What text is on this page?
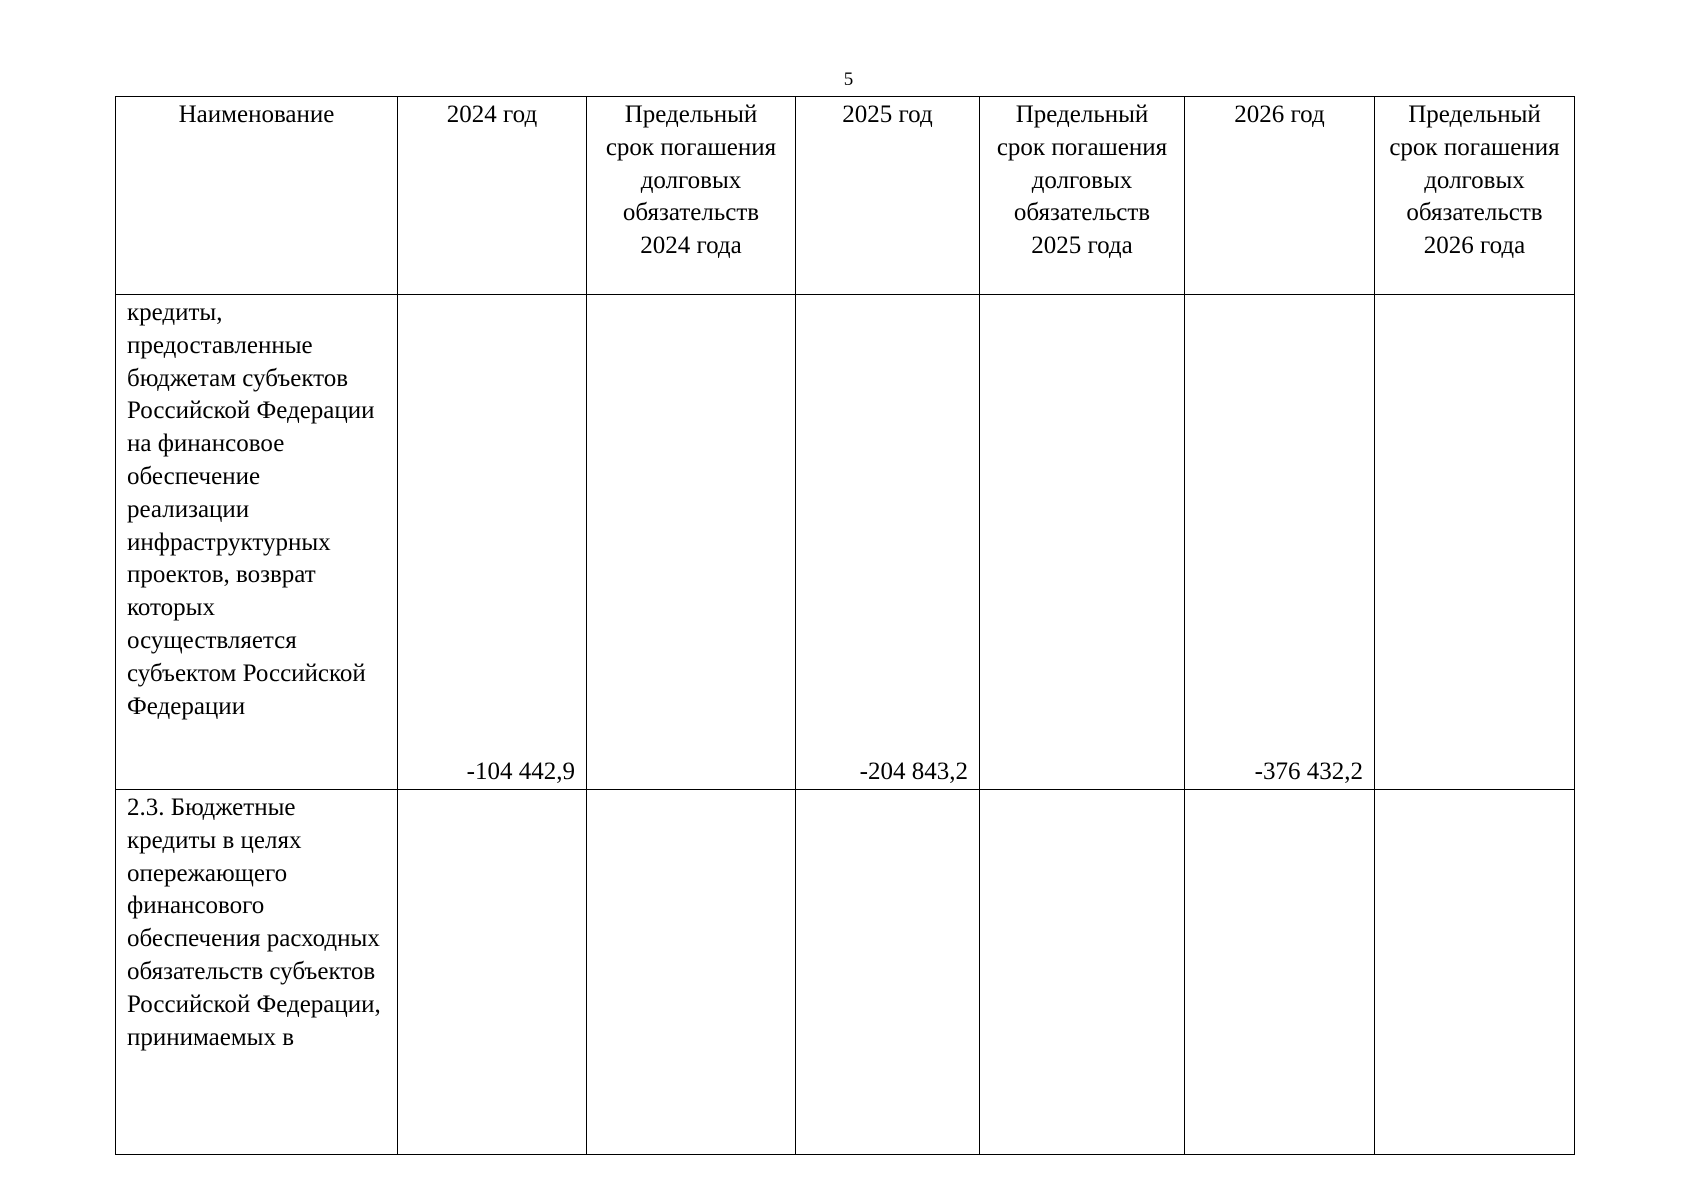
5
Наименование	2024 год	Предельный срок погашения долговых обязательств 2024 года	2025 год	Предельный срок погашения долговых обязательств 2025 года	2026 год	Предельный срок погашения долговых обязательств 2026 года
кредиты, предоставленные бюджетам субъектов Российской Федерации на финансовое обеспечение реализации инфраструктурных проектов, возврат которых осуществляется субъектом Российской Федерации	-104 442,9		-204 843,2		-376 432,2	
2.3. Бюджетные кредиты в целях опережающего финансового обеспечения расходных обязательств субъектов Российской Федерации, принимаемых в						
